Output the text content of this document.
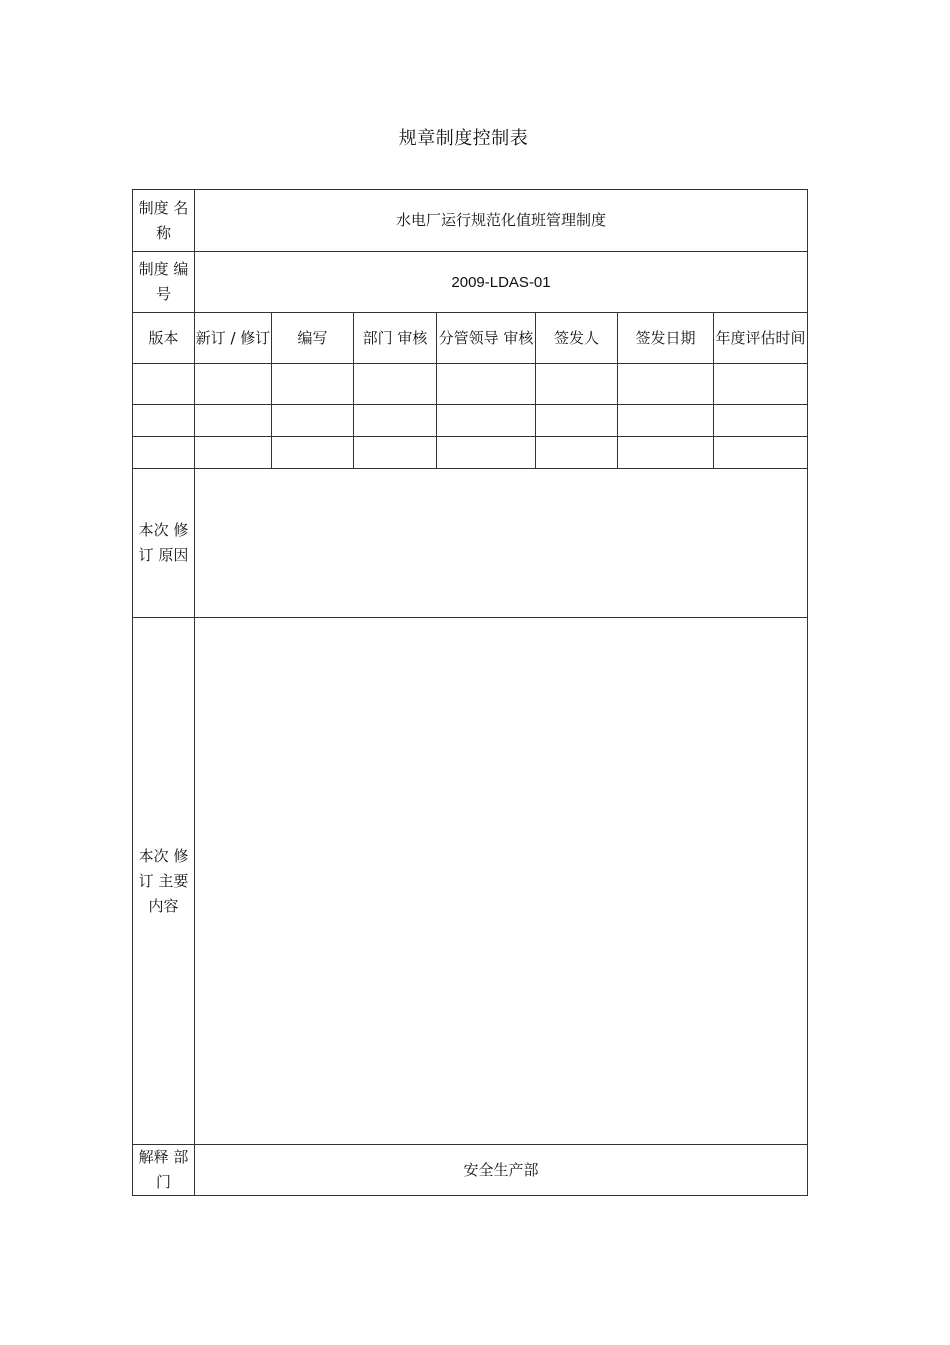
规章制度控制表
制度 名称	水电厂运行规范化值班管理制度						
制度 编号	2009-LDAS-01						
版本	新订 / 修订	编写	部门 审核	分管领导 审核	签发人	签发日期	年度评估时间

本次 修订 原因							
本次 修订 主要内容							
解释 部门	安全生产部						
